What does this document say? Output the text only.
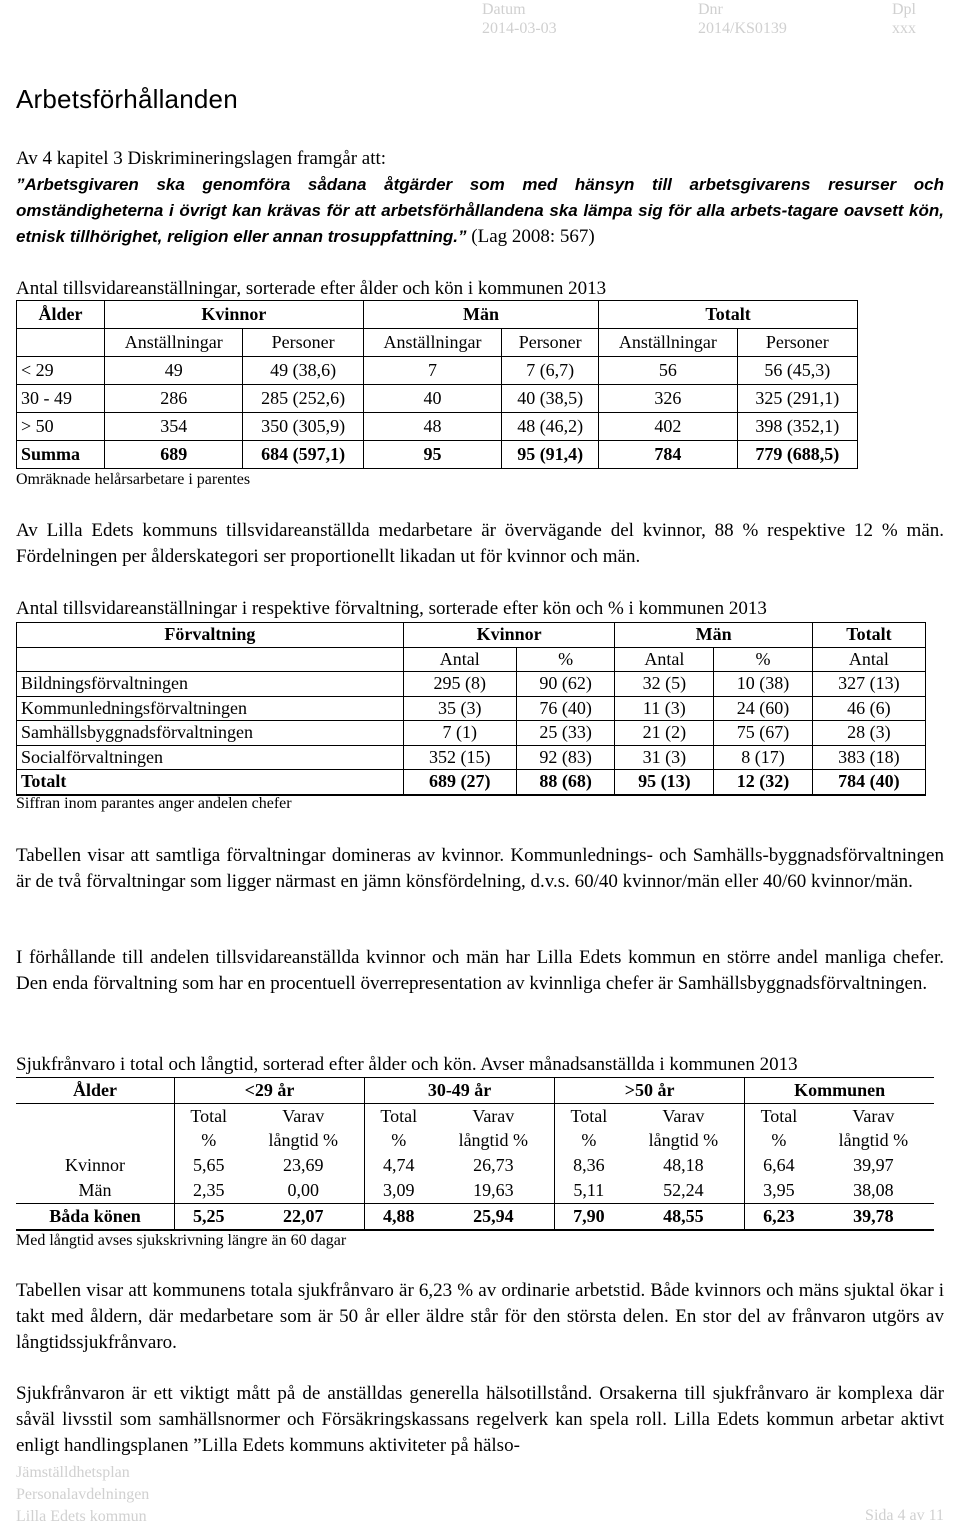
Datum
2014-03-03
Dnr
2014/KS0139
Dpl
xxx
Arbetsförhållanden

Av 4 kapitel 3 Diskrimineringslagen framgår att:

”Arbetsgivaren ska genomföra sådana åtgärder som med hänsyn till arbetsgivarens resurser och omständigheterna i övrigt kan krävas för att arbetsförhållandena ska lämpa sig för alla arbets-tagare oavsett kön, etnisk tillhörighet, religion eller annan trosuppfattning.” (Lag 2008: 567)

Antal tillsvidareanställningar, sorterade efter ålder och kön i kommunen 2013

Ålder	Kvinnor		Män		Totalt	
	Anställningar	Personer	Anställningar	Personer	Anställningar	Personer
< 29	49	49 (38,6)	7	7 (6,7)	56	56 (45,3)
30 - 49	286	285 (252,6)	40	40 (38,5)	326	325 (291,1)
> 50	354	350 (305,9)	48	48 (46,2)	402	398 (352,1)
Summa	689	684 (597,1)	95	95 (91,4)	784	779 (688,5)

Omräknade helårsarbetare i parentes

Av Lilla Edets kommuns tillsvidareanställda medarbetare är övervägande del kvinnor, 88 % respektive 12 % män. Fördelningen per ålderskategori ser proportionellt likadan ut för kvinnor och män.

Antal tillsvidareanställningar i respektive förvaltning, sorterade efter kön och % i kommunen 2013

Förvaltning	Kvinnor		Män		Totalt
	Antal	%	Antal	%	Antal
Bildningsförvaltningen	295 (8)	90 (62)	32 (5)	10 (38)	327 (13)
Kommunledningsförvaltningen	35 (3)	76 (40)	11 (3)	24 (60)	46 (6)
Samhällsbyggnadsförvaltningen	7 (1)	25 (33)	21 (2)	75 (67)	28 (3)
Socialförvaltningen	352 (15)	92 (83)	31 (3)	8 (17)	383 (18)
Totalt	689 (27)	88 (68)	95 (13)	12 (32)	784 (40)

Siffran inom parantes anger andelen chefer

Tabellen visar att samtliga förvaltningar domineras av kvinnor. Kommunlednings- och Samhälls-byggnadsförvaltningen är de två förvaltningar som ligger närmast en jämn könsfördelning, d.v.s. 60/40 kvinnor/män eller 40/60 kvinnor/män.

I förhållande till andelen tillsvidareanställda kvinnor och män har Lilla Edets kommun en större andel manliga chefer. Den enda förvaltning som har en procentuell överrepresentation av kvinnliga chefer är Samhällsbyggnadsförvaltningen.

Sjukfrånvaro i total och långtid, sorterad efter ålder och kön. Avser månadsanställda i kommunen 2013

Ålder	<29 år		30-49 år		>50 år		Kommunen	
	Total	Varav	Total	Varav	Total	Varav	Total	Varav
	%	långtid %	%	långtid %	%	långtid %	%	långtid %
Kvinnor	5,65	23,69	4,74	26,73	8,36	48,18	6,64	39,97
Män	2,35	0,00	3,09	19,63	5,11	52,24	3,95	38,08
Båda könen	5,25	22,07	4,88	25,94	7,90	48,55	6,23	39,78

Med långtid avses sjukskrivning längre än 60 dagar

Tabellen visar att kommunens totala sjukfrånvaro är 6,23 % av ordinarie arbetstid. Både kvinnors och mäns sjuktal ökar i takt med åldern, där medarbetare som är 50 år eller äldre står för den största delen. En stor del av frånvaron utgörs av långtidssjukfrånvaro.

Sjukfrånvaron är ett viktigt mått på de anställdas generella hälsotillstånd. Orsakerna till sjukfrånvaro är komplexa där såväl livsstil som samhällsnormer och Försäkringskassans regelverk kan spela roll. Lilla Edets kommun arbetar aktivt enligt handlingsplanen ”Lilla Edets kommuns aktiviteter på hälso-

Jämställdhetsplan
Personalavdelningen
Lilla Edets kommun	Sida 4 av 11
